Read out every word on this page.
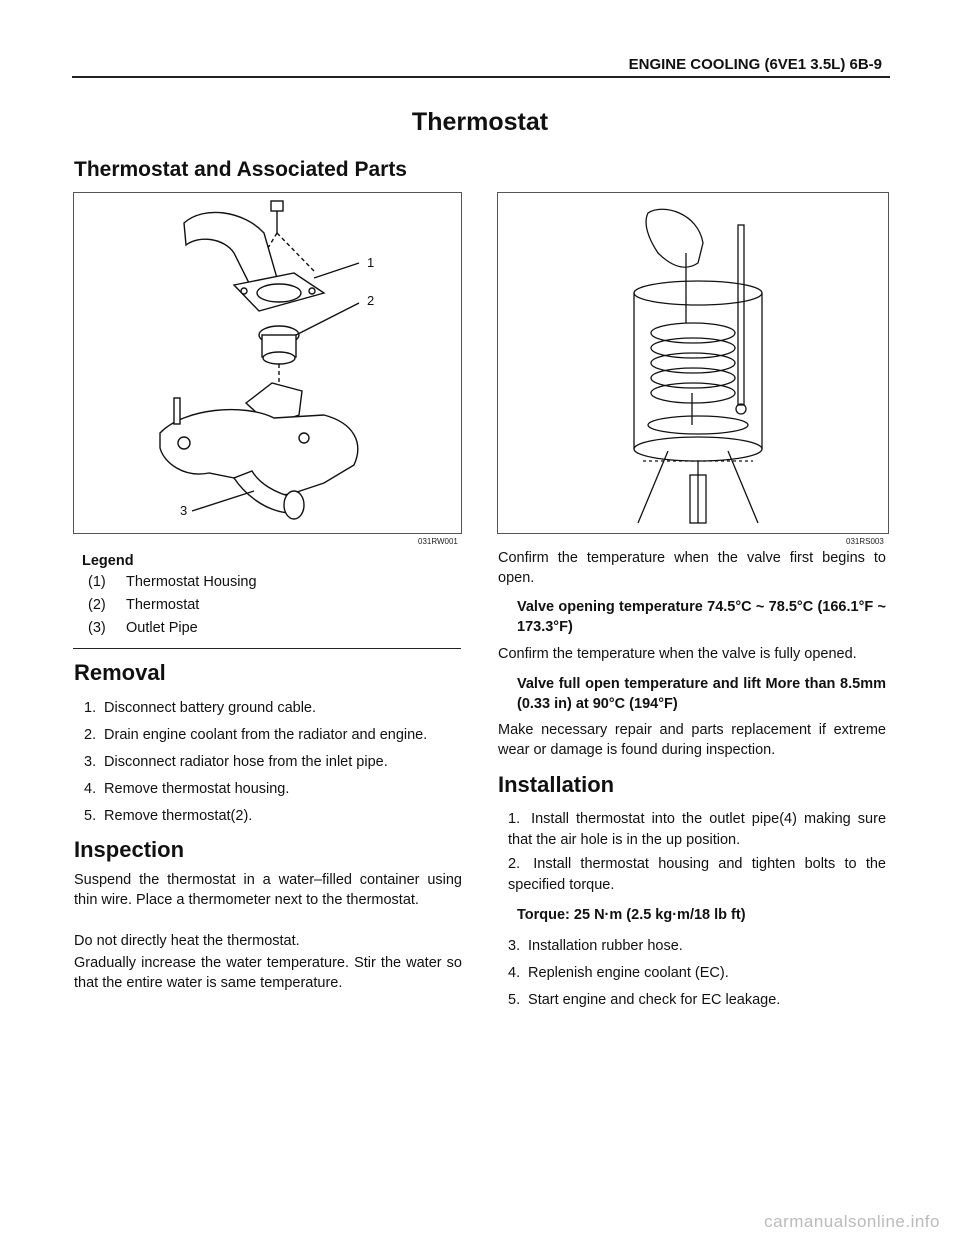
ENGINE COOLING (6VE1 3.5L) 6B-9
Thermostat
Thermostat and Associated Parts
1
2
3
031RW001	031RS003
Legend
(1) Thermostat Housing
(2) Thermostat
(3) Outlet Pipe
Removal
1. Disconnect battery ground cable.
2. Drain engine coolant from the radiator and engine.
3. Disconnect radiator hose from the inlet pipe.
4. Remove thermostat housing.
5. Remove thermostat(2).
Inspection
Suspend the thermostat in a water–filled container using thin wire. Place a thermometer next to the thermostat.
Do not directly heat the thermostat.
Gradually increase the water temperature. Stir the water so that the entire water is same temperature.
Confirm the temperature when the valve first begins to open.
Valve opening temperature 74.5°C ~ 78.5°C (166.1°F ~ 173.3°F)
Confirm the temperature when the valve is fully opened.
Valve full open temperature and lift More than 8.5mm (0.33 in) at 90°C (194°F)
Make necessary repair and parts replacement if extreme wear or damage is found during inspection.
Installation
1. Install thermostat into the outlet pipe(4) making sure that the air hole is in the up position.
2. Install thermostat housing and tighten bolts to the specified torque.
Torque: 25 N·m (2.5 kg·m/18 lb ft)
3. Installation rubber hose.
4. Replenish engine coolant (EC).
5. Start engine and check for EC leakage.
carmanualsonline.info
